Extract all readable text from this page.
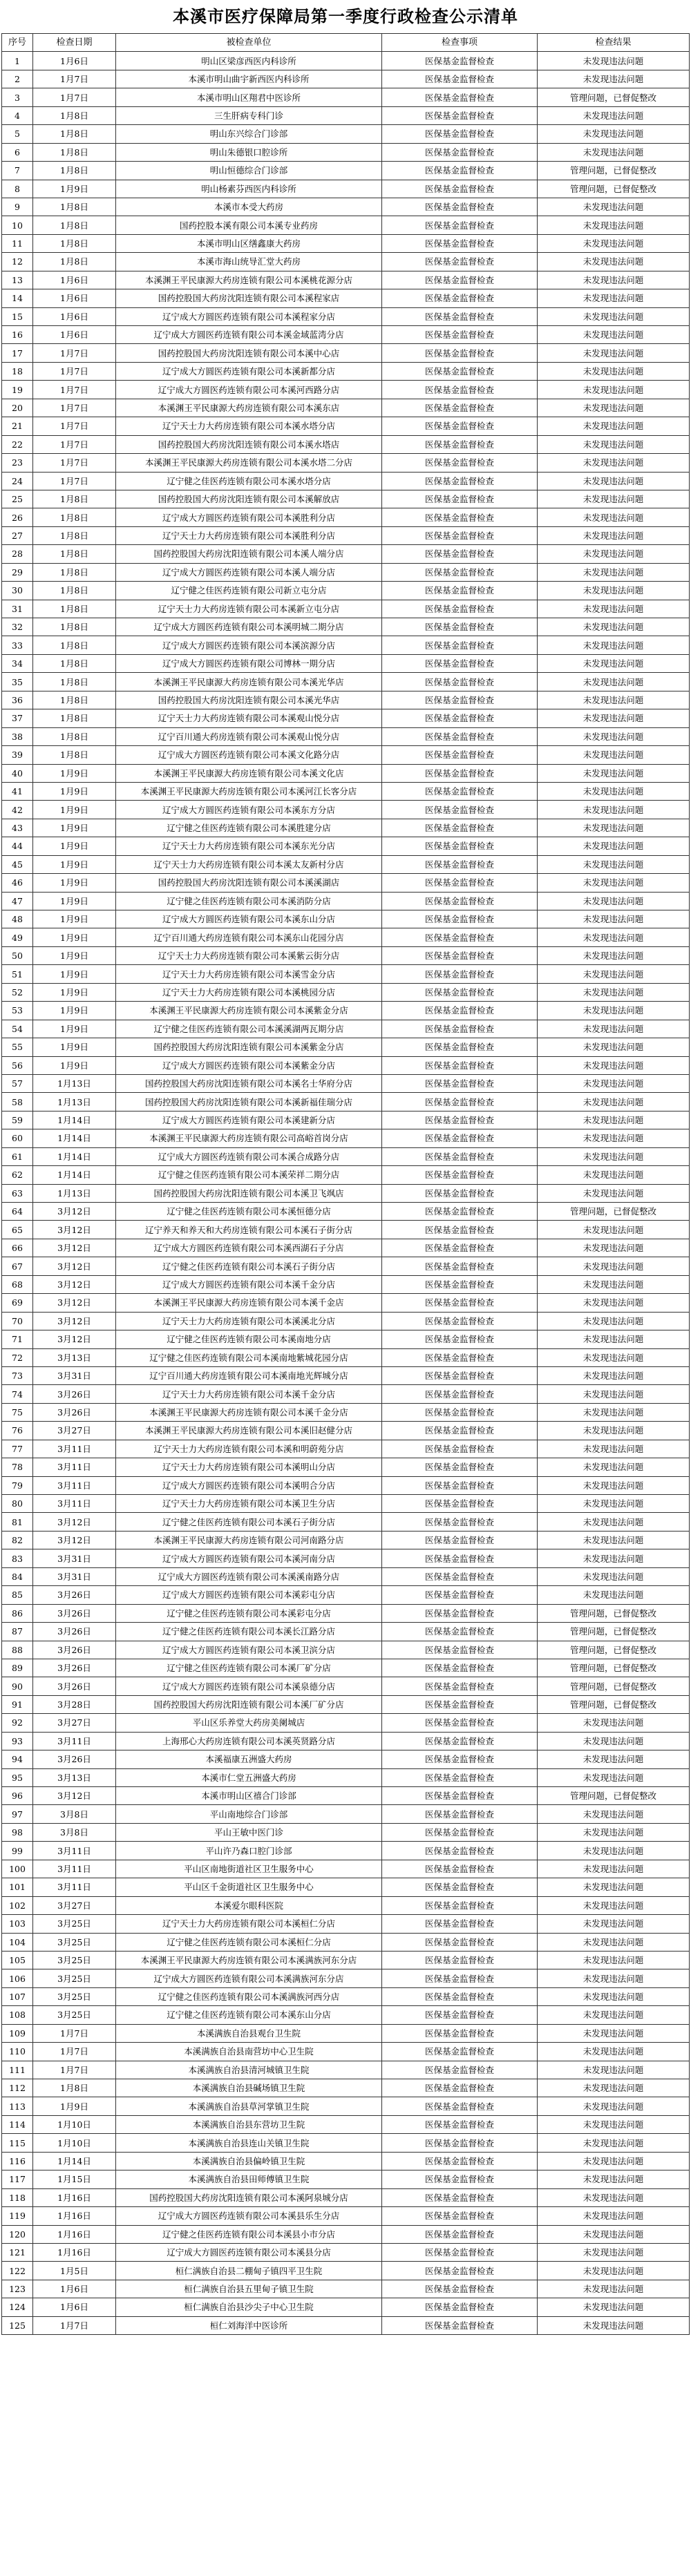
本溪市医疗保障局第一季度行政检查公示清单
序号	检查日期	被检查单位	检查事项	检查结果
1	1月6日	明山区梁彦西医内科诊所	医保基金监督检查	未发现违法问题
2	1月7日	本溪市明山曲宇新西医内科诊所	医保基金监督检查	未发现违法问题
3	1月7日	本溪市明山区翔君中医诊所	医保基金监督检查	管理问题，已督促整改
4	1月8日	三生肝病专科门诊	医保基金监督检查	未发现违法问题
5	1月8日	明山东兴综合门诊部	医保基金监督检查	未发现违法问题
6	1月8日	明山朱德银口腔诊所	医保基金监督检查	未发现违法问题
7	1月8日	明山恒德综合门诊部	医保基金监督检查	管理问题，已督促整改
8	1月9日	明山杨素芬西医内科诊所	医保基金监督检查	管理问题，已督促整改
9	1月8日	本溪市本受大药房	医保基金监督检查	未发现违法问题
10	1月8日	国药控股本溪有限公司本溪专业药房	医保基金监督检查	未发现违法问题
11	1月8日	本溪市明山区缮鑫康大药房	医保基金监督检查	未发现违法问题
12	1月8日	本溪市海山统导汇堂大药房	医保基金监督检查	未发现违法问题
13	1月6日	本溪渊王平民康源大药房连锁有限公司本溪桃花源分店	医保基金监督检查	未发现违法问题
14	1月6日	国药控股国大药房沈阳连锁有限公司本溪程家店	医保基金监督检查	未发现违法问题
15	1月6日	辽宁成大方圆医药连锁有限公司本溪程家分店	医保基金监督检查	未发现违法问题
16	1月6日	辽宁成大方圆医药连锁有限公司本溪金域蓝湾分店	医保基金监督检查	未发现违法问题
17	1月7日	国药控股国大药房沈阳连锁有限公司本溪中心店	医保基金监督检查	未发现违法问题
18	1月7日	辽宁成大方圆医药连锁有限公司本溪新都分店	医保基金监督检查	未发现违法问题
19	1月7日	辽宁成大方圆医药连锁有限公司本溪河西路分店	医保基金监督检查	未发现违法问题
20	1月7日	本溪渊王平民康源大药房连锁有限公司本溪东店	医保基金监督检查	未发现违法问题
21	1月7日	辽宁天士力大药房连锁有限公司本溪水塔分店	医保基金监督检查	未发现违法问题
22	1月7日	国药控股国大药房沈阳连锁有限公司本溪水塔店	医保基金监督检查	未发现违法问题
23	1月7日	本溪渊王平民康源大药房连锁有限公司本溪水塔二分店	医保基金监督检查	未发现违法问题
24	1月7日	辽宁健之佳医药连锁有限公司本溪水塔分店	医保基金监督检查	未发现违法问题
25	1月8日	国药控股国大药房沈阳连锁有限公司本溪解放店	医保基金监督检查	未发现违法问题
26	1月8日	辽宁成大方圆医药连锁有限公司本溪胜利分店	医保基金监督检查	未发现违法问题
27	1月8日	辽宁天士力大药房连锁有限公司本溪胜利分店	医保基金监督检查	未发现违法问题
28	1月8日	国药控股国大药房沈阳连锁有限公司本溪人端分店	医保基金监督检查	未发现违法问题
29	1月8日	辽宁成大方圆医药连锁有限公司本溪人端分店	医保基金监督检查	未发现违法问题
30	1月8日	辽宁健之佳医药连锁有限公司新立屯分店	医保基金监督检查	未发现违法问题
31	1月8日	辽宁天士力大药房连锁有限公司本溪新立屯分店	医保基金监督检查	未发现违法问题
32	1月8日	辽宁成大方圆医药连锁有限公司本溪明城二期分店	医保基金监督检查	未发现违法问题
33	1月8日	辽宁成大方圆医药连锁有限公司本溪滨源分店	医保基金监督检查	未发现违法问题
34	1月8日	辽宁成大方圆医药连锁有限公司博林一期分店	医保基金监督检查	未发现违法问题
35	1月8日	本溪渊王平民康源大药房连锁有限公司本溪光华店	医保基金监督检查	未发现违法问题
36	1月8日	国药控股国大药房沈阳连锁有限公司本溪光华店	医保基金监督检查	未发现违法问题
37	1月8日	辽宁天士力大药房连锁有限公司本溪观山悦分店	医保基金监督检查	未发现违法问题
38	1月8日	辽宁百川通大药房连锁有限公司本溪观山悦分店	医保基金监督检查	未发现违法问题
39	1月8日	辽宁成大方圆医药连锁有限公司本溪文化路分店	医保基金监督检查	未发现违法问题
40	1月9日	本溪渊王平民康源大药房连锁有限公司本溪文化店	医保基金监督检查	未发现违法问题
41	1月9日	本溪渊王平民康源大药房连锁有限公司本溪河江长客分店	医保基金监督检查	未发现违法问题
42	1月9日	辽宁成大方圆医药连锁有限公司本溪东方分店	医保基金监督检查	未发现违法问题
43	1月9日	辽宁健之佳医药连锁有限公司本溪胜建分店	医保基金监督检查	未发现违法问题
44	1月9日	辽宁天士力大药房连锁有限公司本溪东光分店	医保基金监督检查	未发现违法问题
45	1月9日	辽宁天士力大药房连锁有限公司本溪太友新村分店	医保基金监督检查	未发现违法问题
46	1月9日	国药控股国大药房沈阳连锁有限公司本溪溪湖店	医保基金监督检查	未发现违法问题
47	1月9日	辽宁健之佳医药连锁有限公司本溪消防分店	医保基金监督检查	未发现违法问题
48	1月9日	辽宁成大方圆医药连锁有限公司本溪东山分店	医保基金监督检查	未发现违法问题
49	1月9日	辽宁百川通大药房连锁有限公司本溪东山花园分店	医保基金监督检查	未发现违法问题
50	1月9日	辽宁天士力大药房连锁有限公司本溪紫云街分店	医保基金监督检查	未发现违法问题
51	1月9日	辽宁天士力大药房连锁有限公司本溪雪金分店	医保基金监督检查	未发现违法问题
52	1月9日	辽宁天士力大药房连锁有限公司本溪桃园分店	医保基金监督检查	未发现违法问题
53	1月9日	本溪渊王平民康源大药房连锁有限公司本溪紫金分店	医保基金监督检查	未发现违法问题
54	1月9日	辽宁健之佳医药连锁有限公司本溪溪湖两瓦期分店	医保基金监督检查	未发现违法问题
55	1月9日	国药控股国大药房沈阳连锁有限公司本溪紫金分店	医保基金监督检查	未发现违法问题
56	1月9日	辽宁成大方圆医药连锁有限公司本溪紫金分店	医保基金监督检查	未发现违法问题
57	1月13日	国药控股国大药房沈阳连锁有限公司本溪名士华府分店	医保基金监督检查	未发现违法问题
58	1月13日	国药控股国大药房沈阳连锁有限公司本溪新福佳瑞分店	医保基金监督检查	未发现违法问题
59	1月14日	辽宁成大方圆医药连锁有限公司本溪建新分店	医保基金监督检查	未发现违法问题
60	1月14日	本溪渊王平民康源大药房连锁有限公司高峪首岗分店	医保基金监督检查	未发现违法问题
61	1月14日	辽宁成大方圆医药连锁有限公司本溪合成路分店	医保基金监督检查	未发现违法问题
62	1月14日	辽宁健之佳医药连锁有限公司本溪荣祥二期分店	医保基金监督检查	未发现违法问题
63	1月13日	国药控股国大药房沈阳连锁有限公司本溪卫飞飒店	医保基金监督检查	未发现违法问题
64	3月12日	辽宁健之佳医药连锁有限公司本溪恒德分店	医保基金监督检查	管理问题，已督促整改
65	3月12日	辽宁养天和养天和大药房连锁有限公司本溪石子街分店	医保基金监督检查	未发现违法问题
66	3月12日	辽宁成大方圆医药连锁有限公司本溪西湖石子分店	医保基金监督检查	未发现违法问题
67	3月12日	辽宁健之佳医药连锁有限公司本溪石子街分店	医保基金监督检查	未发现违法问题
68	3月12日	辽宁成大方圆医药连锁有限公司本溪千金分店	医保基金监督检查	未发现违法问题
69	3月12日	本溪渊王平民康源大药房连锁有限公司本溪千金店	医保基金监督检查	未发现违法问题
70	3月12日	辽宁天士力大药房连锁有限公司本溪溪北分店	医保基金监督检查	未发现违法问题
71	3月12日	辽宁健之佳医药连锁有限公司本溪南地分店	医保基金监督检查	未发现违法问题
72	3月13日	辽宁健之佳医药连锁有限公司本溪南地紫城花园分店	医保基金监督检查	未发现违法问题
73	3月31日	辽宁百川通大药房连锁有限公司本溪南地光辉城分店	医保基金监督检查	未发现违法问题
74	3月26日	辽宁天士力大药房连锁有限公司本溪千金分店	医保基金监督检查	未发现违法问题
75	3月26日	本溪渊王平民康源大药房连锁有限公司本溪千金分店	医保基金监督检查	未发现违法问题
76	3月27日	本溪渊王平民康源大药房连锁有限公司本溪旧赵健分店	医保基金监督检查	未发现违法问题
77	3月11日	辽宁天士力大药房连锁有限公司本溪和明蔚苑分店	医保基金监督检查	未发现违法问题
78	3月11日	辽宁天士力大药房连锁有限公司本溪明山分店	医保基金监督检查	未发现违法问题
79	3月11日	辽宁成大方圆医药连锁有限公司本溪明合分店	医保基金监督检查	未发现违法问题
80	3月11日	辽宁天士力大药房连锁有限公司本溪卫生分店	医保基金监督检查	未发现违法问题
81	3月12日	辽宁健之佳医药连锁有限公司本溪石子街分店	医保基金监督检查	未发现违法问题
82	3月12日	本溪渊王平民康源大药房连锁有限公司河南路分店	医保基金监督检查	未发现违法问题
83	3月31日	辽宁成大方圆医药连锁有限公司本溪河南分店	医保基金监督检查	未发现违法问题
84	3月31日	辽宁成大方圆医药连锁有限公司本溪溪南路分店	医保基金监督检查	未发现违法问题
85	3月26日	辽宁成大方圆医药连锁有限公司本溪彩屯分店	医保基金监督检查	未发现违法问题
86	3月26日	辽宁健之佳医药连锁有限公司本溪彩屯分店	医保基金监督检查	管理问题，已督促整改
87	3月26日	辽宁健之佳医药连锁有限公司本溪长江路分店	医保基金监督检查	管理问题，已督促整改
88	3月26日	辽宁成大方圆医药连锁有限公司本溪卫滨分店	医保基金监督检查	管理问题，已督促整改
89	3月26日	辽宁健之佳医药连锁有限公司本溪厂矿分店	医保基金监督检查	管理问题，已督促整改
90	3月26日	辽宁成大方圆医药连锁有限公司本溪泉德分店	医保基金监督检查	管理问题，已督促整改
91	3月28日	国药控股国大药房沈阳连锁有限公司本溪厂矿分店	医保基金监督检查	管理问题，已督促整改
92	3月27日	平山区乐养堂大药房美阑城店	医保基金监督检查	未发现违法问题
93	3月11日	上海邢心大药房连锁有限公司本溪英贤路分店	医保基金监督检查	未发现违法问题
94	3月26日	本溪福康五洲盛大药房	医保基金监督检查	未发现违法问题
95	3月13日	本溪市仁堂五洲盛大药房	医保基金监督检查	未发现违法问题
96	3月12日	本溪市明山区禧合门诊部	医保基金监督检查	管理问题，已督促整改
97	3月8日	平山南地综合门诊部	医保基金监督检查	未发现违法问题
98	3月8日	平山王敏中医门诊	医保基金监督检查	未发现违法问题
99	3月11日	平山许乃森口腔门诊部	医保基金监督检查	未发现违法问题
100	3月11日	平山区南地街道社区卫生服务中心	医保基金监督检查	未发现违法问题
101	3月11日	平山区千金街道社区卫生服务中心	医保基金监督检查	未发现违法问题
102	3月27日	本溪爱尔眼科医院	医保基金监督检查	未发现违法问题
103	3月25日	辽宁天士力大药房连锁有限公司本溪桓仁分店	医保基金监督检查	未发现违法问题
104	3月25日	辽宁健之佳医药连锁有限公司本溪桓仁分店	医保基金监督检查	未发现违法问题
105	3月25日	本溪渊王平民康源大药房连锁有限公司本溪满族河东分店	医保基金监督检查	未发现违法问题
106	3月25日	辽宁成大方圆医药连锁有限公司本溪满族河东分店	医保基金监督检查	未发现违法问题
107	3月25日	辽宁健之佳医药连锁有限公司本溪满族河西分店	医保基金监督检查	未发现违法问题
108	3月25日	辽宁健之佳医药连锁有限公司本溪东山分店	医保基金监督检查	未发现违法问题
109	1月7日	本溪满族自治县观台卫生院	医保基金监督检查	未发现违法问题
110	1月7日	本溪满族自治县南营坊中心卫生院	医保基金监督检查	未发现违法问题
111	1月7日	本溪满族自治县清河城镇卫生院	医保基金监督检查	未发现违法问题
112	1月8日	本溪满族自治县碱场镇卫生院	医保基金监督检查	未发现违法问题
113	1月9日	本溪满族自治县草河掌镇卫生院	医保基金监督检查	未发现违法问题
114	1月10日	本溪满族自治县东营坊卫生院	医保基金监督检查	未发现违法问题
115	1月10日	本溪满族自治县连山关镇卫生院	医保基金监督检查	未发现违法问题
116	1月14日	本溪满族自治县偏岭镇卫生院	医保基金监督检查	未发现违法问题
117	1月15日	本溪满族自治县田师傅镇卫生院	医保基金监督检查	未发现违法问题
118	1月16日	国药控股国大药房沈阳连锁有限公司本溪阿泉城分店	医保基金监督检查	未发现违法问题
119	1月16日	辽宁成大方圆医药连锁有限公司本溪县乐生分店	医保基金监督检查	未发现违法问题
120	1月16日	辽宁健之佳医药连锁有限公司本溪县小市分店	医保基金监督检查	未发现违法问题
121	1月16日	辽宁成大方圆医药连锁有限公司本溪县分店	医保基金监督检查	未发现违法问题
122	1月5日	桓仁满族自治县二棚甸子镇四平卫生院	医保基金监督检查	未发现违法问题
123	1月6日	桓仁满族自治县五里甸子镇卫生院	医保基金监督检查	未发现违法问题
124	1月6日	桓仁满族自治县沙尖子中心卫生院	医保基金监督检查	未发现违法问题
125	1月7日	桓仁刘海洋中医诊所	医保基金监督检查	未发现违法问题
